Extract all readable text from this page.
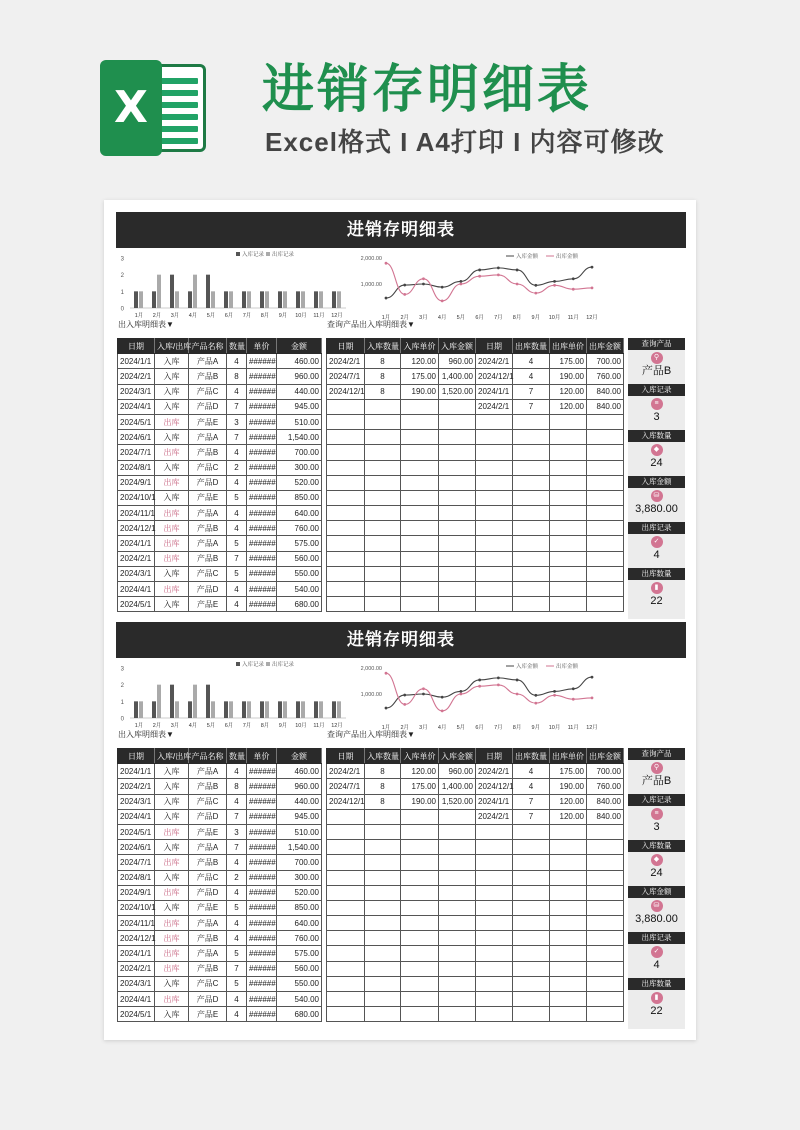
X 进销存明细表
Excel格式 I A4打印 I 内容可修改
进销存明细表
3
2
1
0
1月 2月 3月 4月 5月 6月 7月 8月 9月 10月 11月 12月
入库记录 出库记录
2,000.00
1,000.00
入库金额	出库金额
1月 2月 3月 4月 5月 6月 7月 8月 9月 10月 11月 12月
出入库明细表▼	查询产品出入库明细表▼
日期	入库/出库	产品名称	数量	单价	金额
2024/1/1	入库	产品A	4	######	460.00
2024/2/1	入库	产品B	8	######	960.00
2024/3/1	入库	产品C	4	######	440.00
2024/4/1	入库	产品D	7	######	945.00
2024/5/1	出库	产品E	3	######	510.00
2024/6/1	入库	产品A	7	######	1,540.00
2024/7/1	出库	产品B	4	######	700.00
2024/8/1	入库	产品C	2	######	300.00
2024/9/1	出库	产品D	4	######	520.00
2024/10/1	入库	产品E	5	######	850.00
2024/11/1	出库	产品A	4	######	640.00
2024/12/1	出库	产品B	4	######	760.00
2024/1/1	出库	产品A	5	######	575.00
2024/2/1	出库	产品B	7	######	560.00
2024/3/1	入库	产品C	5	######	550.00
2024/4/1	出库	产品D	4	######	540.00
2024/5/1	入库	产品E	4	######	680.00
日期	入库数量	入库单价	入库金额	日期	出库数量	出库单价	出库金额
2024/2/1	8	120.00	960.00	2024/2/1	4	175.00	700.00
2024/7/1	8	175.00	1,400.00	2024/12/1	4	190.00	760.00
2024/12/1	8	190.00	1,520.00	2024/1/1	7	120.00	840.00
				2024/2/1	7	120.00	840.00

查询产品
⚲
产品B
入库记录
≡
3
入库数量
◆
24
入库金额
⛁
3,880.00
出库记录
✓
4
出库数量
▮
22
进销存明细表
3
2
1
0
1月 2月 3月 4月 5月 6月 7月 8月 9月 10月 11月 12月
入库记录 出库记录
2,000.00
1,000.00
入库金额	出库金额
1月 2月 3月 4月 5月 6月 7月 8月 9月 10月 11月 12月
出入库明细表▼	查询产品出入库明细表▼
日期	入库/出库	产品名称	数量	单价	金额
2024/1/1	入库	产品A	4	######	460.00
2024/2/1	入库	产品B	8	######	960.00
2024/3/1	入库	产品C	4	######	440.00
2024/4/1	入库	产品D	7	######	945.00
2024/5/1	出库	产品E	3	######	510.00
2024/6/1	入库	产品A	7	######	1,540.00
2024/7/1	出库	产品B	4	######	700.00
2024/8/1	入库	产品C	2	######	300.00
2024/9/1	出库	产品D	4	######	520.00
2024/10/1	入库	产品E	5	######	850.00
2024/11/1	出库	产品A	4	######	640.00
2024/12/1	出库	产品B	4	######	760.00
2024/1/1	出库	产品A	5	######	575.00
2024/2/1	出库	产品B	7	######	560.00
2024/3/1	入库	产品C	5	######	550.00
2024/4/1	出库	产品D	4	######	540.00
2024/5/1	入库	产品E	4	######	680.00
日期	入库数量	入库单价	入库金额	日期	出库数量	出库单价	出库金额
2024/2/1	8	120.00	960.00	2024/2/1	4	175.00	700.00
2024/7/1	8	175.00	1,400.00	2024/12/1	4	190.00	760.00
2024/12/1	8	190.00	1,520.00	2024/1/1	7	120.00	840.00
				2024/2/1	7	120.00	840.00

查询产品
⚲
产品B
入库记录
≡
3
入库数量
◆
24
入库金额
⛁
3,880.00
出库记录
✓
4
出库数量
▮
22
